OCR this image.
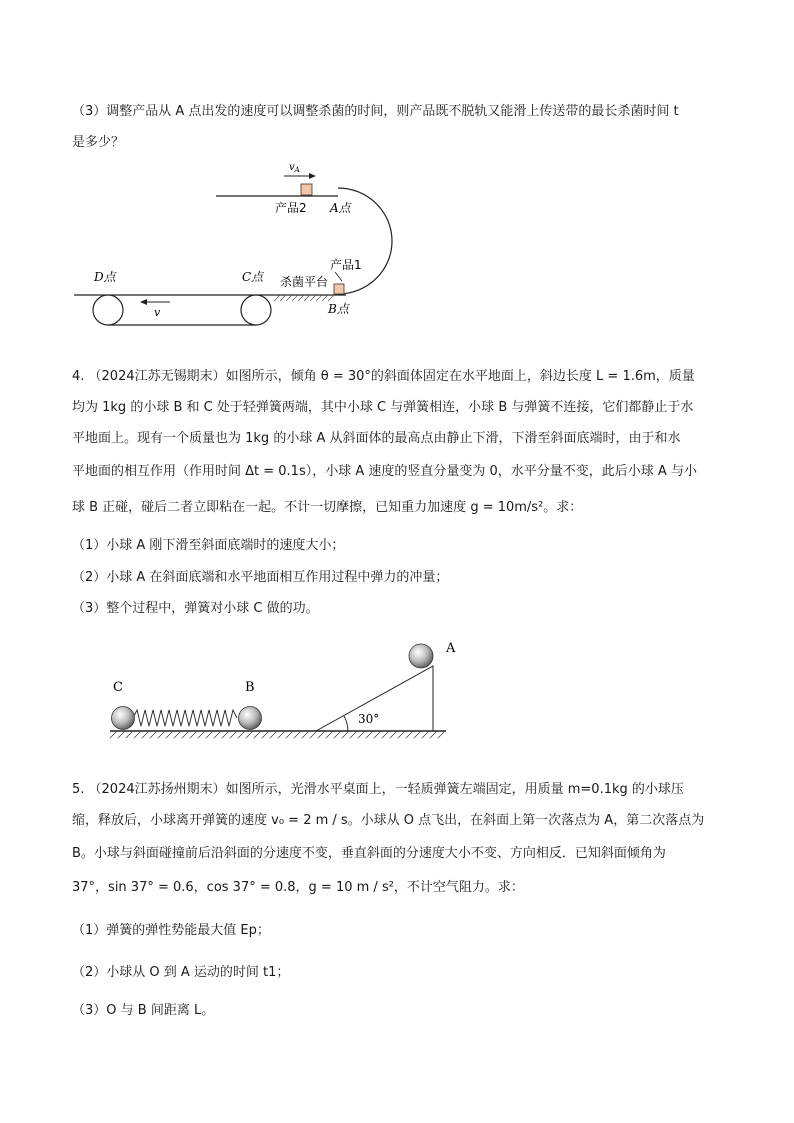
（3）调整产品从 A 点出发的速度可以调整杀菌的时间，则产品既不脱轨又能滑上传送带的最长杀菌时间 t
是多少？
$v_A$
产品2 A点
产品1
杀菌平台
B点
D点	C点
v
4. （2024江苏无锡期末）如图所示，倾角 θ = 30°的斜面体固定在水平地面上，斜边长度 L = 1.6m，质量
均为 1kg 的小球 B 和 C 处于轻弹簧两端，其中小球 C 与弹簧相连，小球 B 与弹簧不连接，它们都静止于水
平地面上。现有一个质量也为 1kg 的小球 A 从斜面体的最高点由静止下滑，下滑至斜面底端时，由于和水
平地面的相互作用（作用时间 Δt = 0.1s），小球 A 速度的竖直分量变为 0，水平分量不变，此后小球 A 与小
球 B 正碰，碰后二者立即粘在一起。不计一切摩擦，已知重力加速度 g = 10m/s²。求：
（1）小球 A 刚下滑至斜面底端时的速度大小；
（2）小球 A 在斜面底端和水平地面相互作用过程中弹力的冲量；
（3）整个过程中，弹簧对小球 C 做的功。
C	B
A
30°
5. （2024江苏扬州期末）如图所示，光滑水平桌面上，一轻质弹簧左端固定，用质量 m=0.1kg 的小球压
缩，释放后，小球离开弹簧的速度 v₀ = 2 m / s。小球从 O 点飞出，在斜面上第一次落点为 A，第二次落点为
B。小球与斜面碰撞前后沿斜面的分速度不变，垂直斜面的分速度大小不变、方向相反．已知斜面倾角为
37°，sin 37° = 0.6，cos 37° = 0.8，g = 10 m / s²，不计空气阻力。求：
（1）弹簧的弹性势能最大值 Ep；
（2）小球从 O 到 A 运动的时间 t1；
（3）O 与 B 间距离 L。
